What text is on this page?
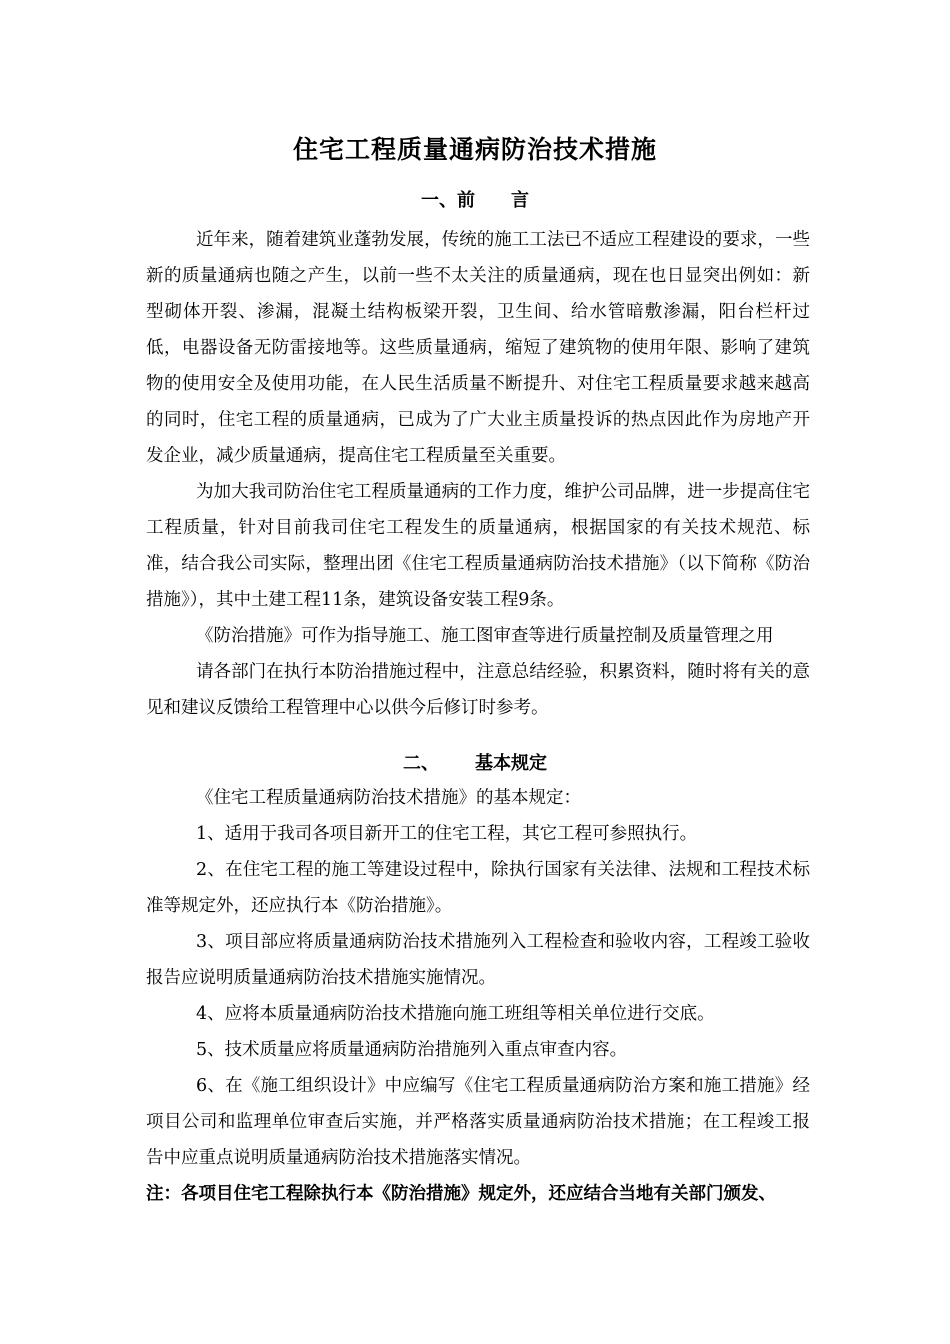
住宅工程质量通病防治技术措施
一、前 言
近年来，随着建筑业蓬勃发展，传统的施工工法已不适应工程建设的要求，一些新的质量通病也随之产生，以前一些不太关注的质量通病，现在也日显突出例如：新型砌体开裂、渗漏，混凝土结构板梁开裂，卫生间、给水管暗敷渗漏，阳台栏杆过低，电器设备无防雷接地等。这些质量通病，缩短了建筑物的使用年限、影响了建筑物的使用安全及使用功能，在人民生活质量不断提升、对住宅工程质量要求越来越高的同时，住宅工程的质量通病，已成为了广大业主质量投诉的热点因此作为房地产开发企业，减少质量通病，提高住宅工程质量至关重要。
为加大我司防治住宅工程质量通病的工作力度，维护公司品牌，进一步提高住宅工程质量，针对目前我司住宅工程发生的质量通病，根据国家的有关技术规范、标准，结合我公司实际，整理出团《住宅工程质量通病防治技术措施》（以下简称《防治措施》），其中土建工程11条，建筑设备安装工程9条。
《防治措施》可作为指导施工、施工图审查等进行质量控制及质量管理之用
请各部门在执行本防治措施过程中，注意总结经验，积累资料，随时将有关的意见和建议反馈给工程管理中心以供今后修订时参考。
二、 基本规定
《住宅工程质量通病防治技术措施》的基本规定：
1、适用于我司各项目新开工的住宅工程，其它工程可参照执行。
2、在住宅工程的施工等建设过程中，除执行国家有关法律、法规和工程技术标准等规定外，还应执行本《防治措施》。
3、项目部应将质量通病防治技术措施列入工程检查和验收内容，工程竣工验收报告应说明质量通病防治技术措施实施情况。
4、应将本质量通病防治技术措施向施工班组等相关单位进行交底。
5、技术质量应将质量通病防治措施列入重点审查内容。
6、在《施工组织设计》中应编写《住宅工程质量通病防治方案和施工措施》经项目公司和监理单位审查后实施，并严格落实质量通病防治技术措施；在工程竣工报告中应重点说明质量通病防治技术措施落实情况。
注：各项目住宅工程除执行本《防治措施》规定外，还应结合当地有关部门颁发、
